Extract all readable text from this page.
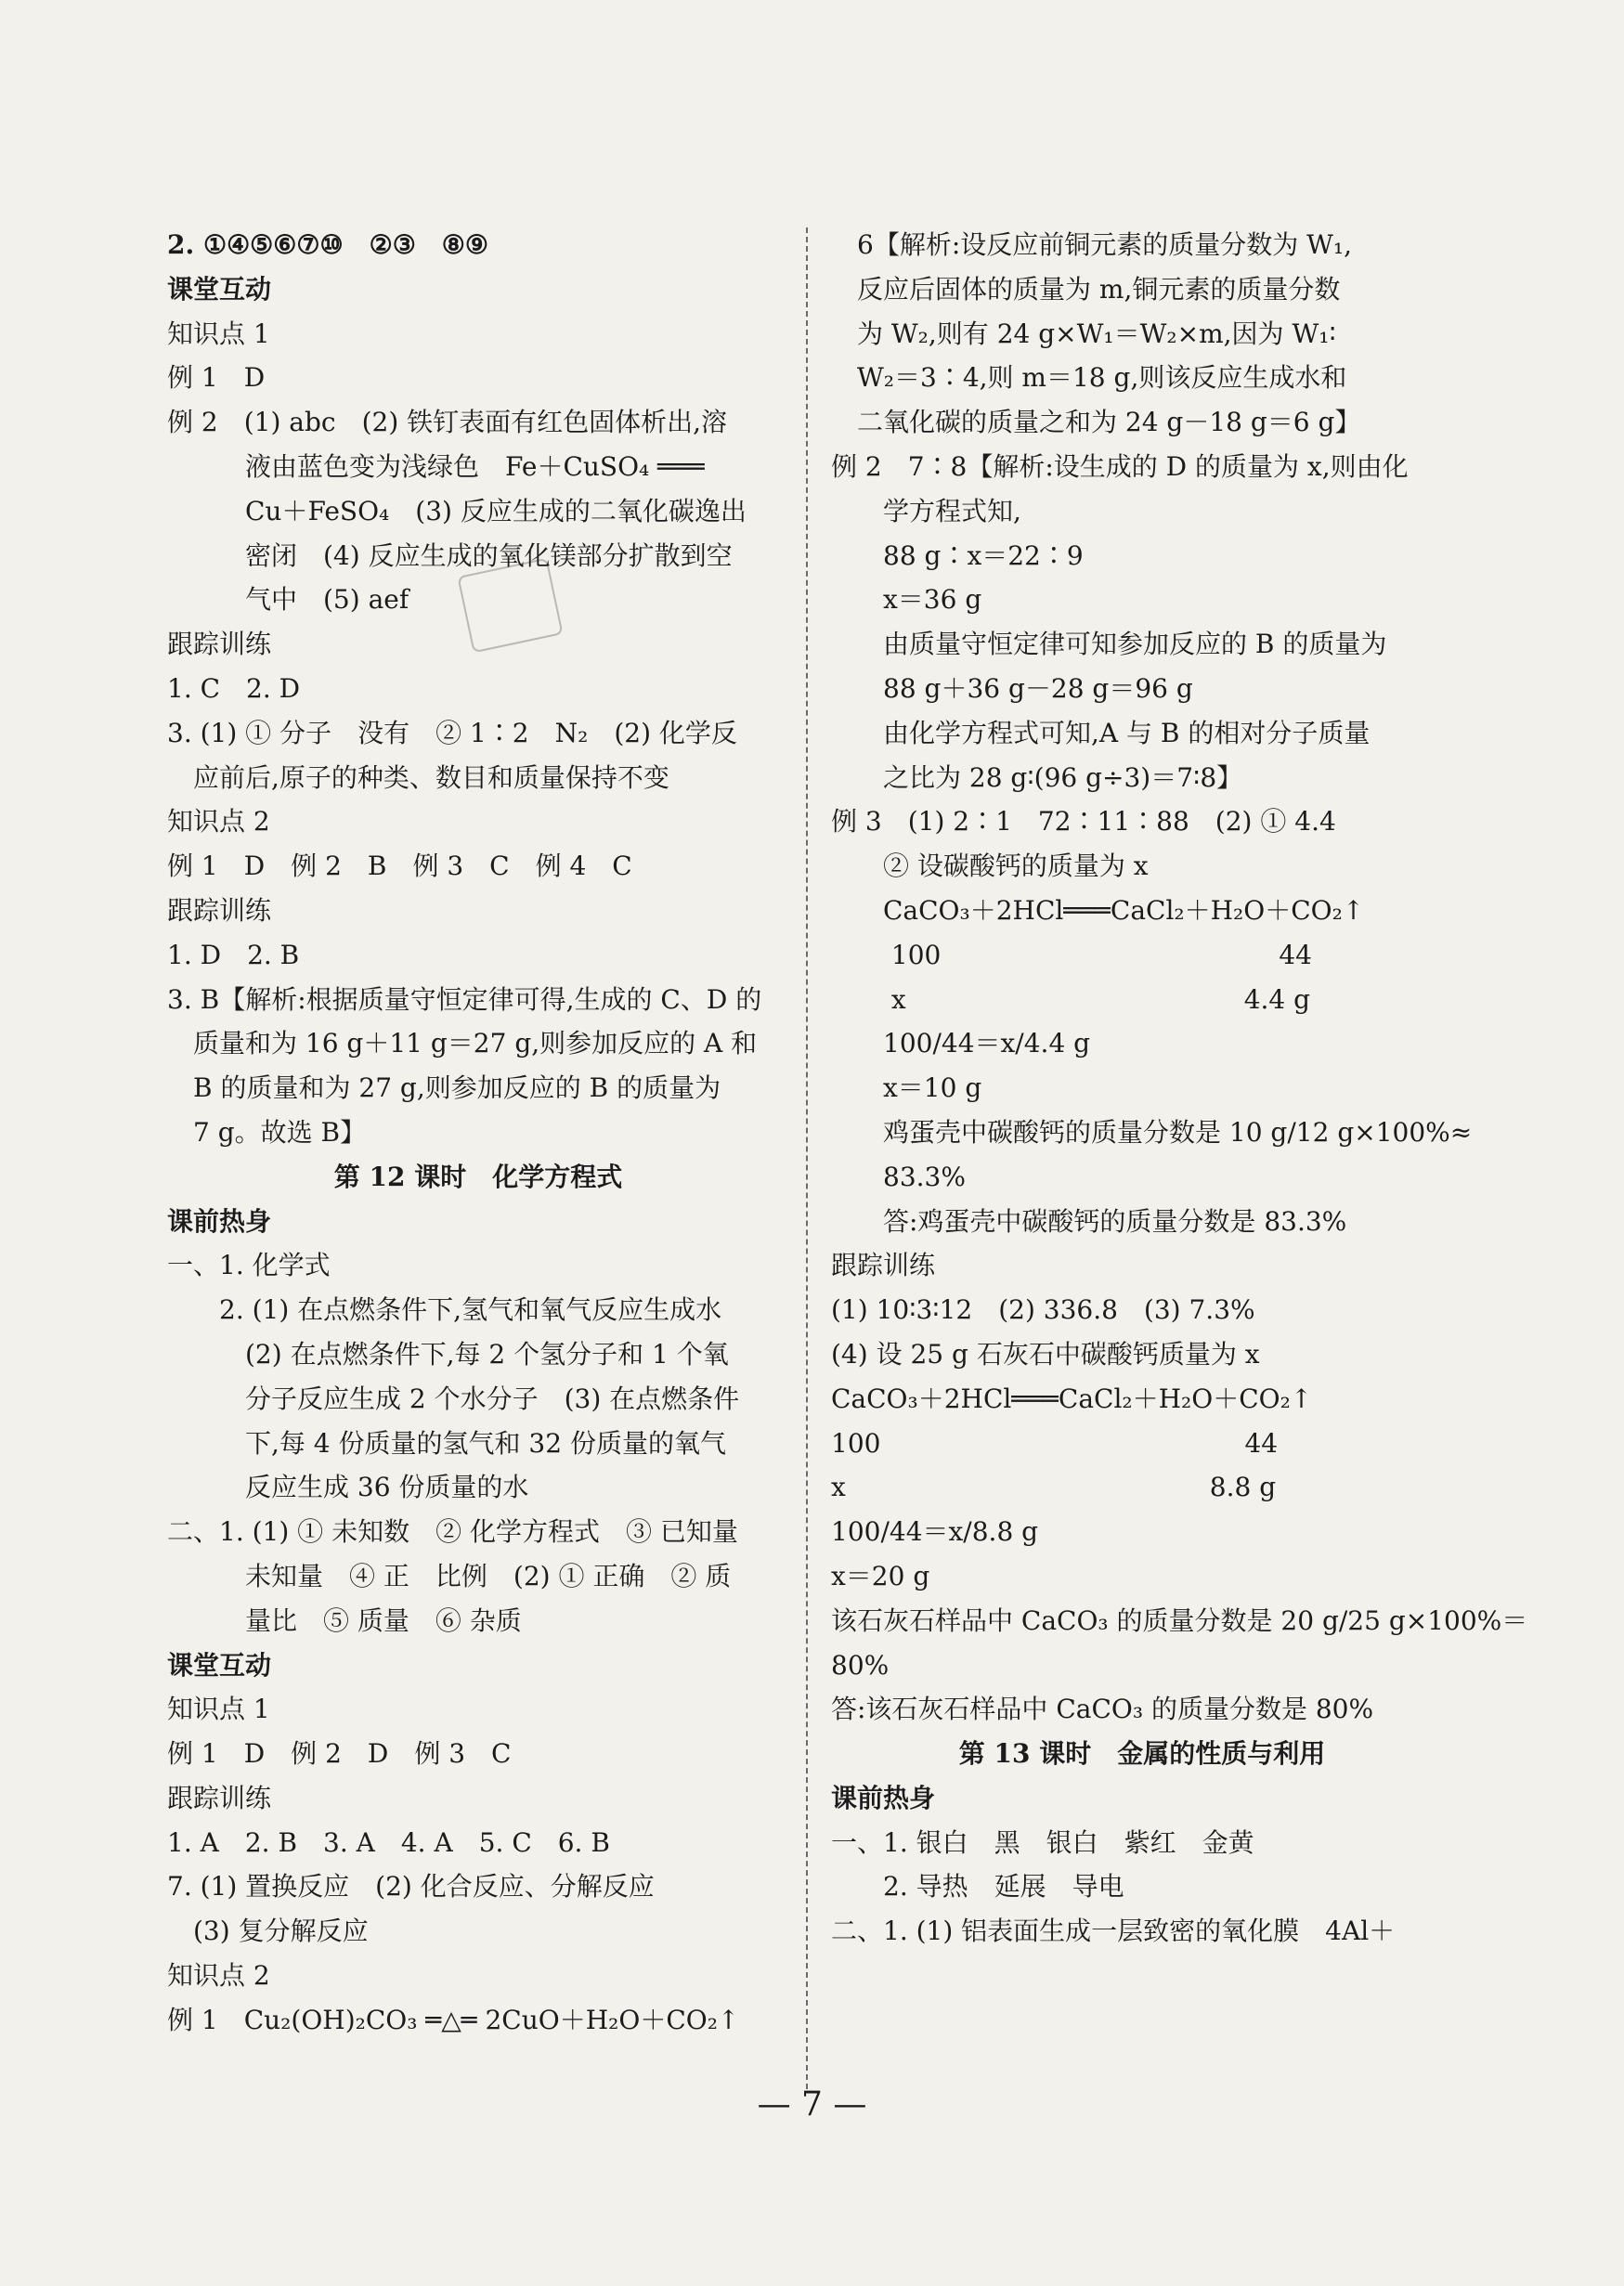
2. ①④⑤⑥⑦⑩　②③　⑧⑨
课堂互动
知识点 1
例 1　D
例 2　(1) abc　(2) 铁钉表面有红色固体析出,溶
　　　液由蓝色变为浅绿色　Fe＋CuSO₄ ═══
　　　Cu＋FeSO₄　(3) 反应生成的二氧化碳逸出
　　　密闭　(4) 反应生成的氧化镁部分扩散到空
　　　气中　(5) aef
跟踪训练
1. C　2. D
3. (1) ① 分子　没有　② 1∶2　N₂　(2) 化学反
　应前后,原子的种类、数目和质量保持不变
知识点 2
例 1　D　例 2　B　例 3　C　例 4　C
跟踪训练
1. D　2. B
3. B【解析:根据质量守恒定律可得,生成的 C、D 的
　质量和为 16 g＋11 g＝27 g,则参加反应的 A 和
　B 的质量和为 27 g,则参加反应的 B 的质量为
　7 g。故选 B】
第 12 课时　化学方程式
课前热身
一、1. 化学式
　　2. (1) 在点燃条件下,氢气和氧气反应生成水
　　　(2) 在点燃条件下,每 2 个氢分子和 1 个氧
　　　分子反应生成 2 个水分子　(3) 在点燃条件
　　　下,每 4 份质量的氢气和 32 份质量的氧气
　　　反应生成 36 份质量的水
二、1. (1) ① 未知数　② 化学方程式　③ 已知量
　　　未知量　④ 正　比例　(2) ① 正确　② 质
　　　量比　⑤ 质量　⑥ 杂质
课堂互动
知识点 1
例 1　D　例 2　D　例 3　C
跟踪训练
1. A　2. B　3. A　4. A　5. C　6. B
7. (1) 置换反应　(2) 化合反应、分解反应
　(3) 复分解反应
知识点 2
例 1　Cu₂(OH)₂CO₃ ═△═ 2CuO＋H₂O＋CO₂↑
　6【解析:设反应前铜元素的质量分数为 W₁,
　反应后固体的质量为 m,铜元素的质量分数
　为 W₂,则有 24 g×W₁＝W₂×m,因为 W₁∶
　W₂＝3∶4,则 m＝18 g,则该反应生成水和
　二氧化碳的质量之和为 24 g－18 g＝6 g】
例 2　7∶8【解析:设生成的 D 的质量为 x,则由化
　　学方程式知,
　　88 g∶x＝22∶9
　　x＝36 g
　　由质量守恒定律可知参加反应的 B 的质量为
　　88 g＋36 g－28 g＝96 g
　　由化学方程式可知,A 与 B 的相对分子质量
　　之比为 28 g∶(96 g÷3)＝7∶8】
例 3　(1) 2∶1　72∶11∶88　(2) ① 4.4
　　② 设碳酸钙的质量为 x
　　CaCO₃＋2HCl═══CaCl₂＋H₂O＋CO₂↑
　　 100　　　　　　　　　　　　　44
　　 x　　　　　　　　　　　　　4.4 g
　　100/44＝x/4.4 g
　　x＝10 g
　　鸡蛋壳中碳酸钙的质量分数是 10 g/12 g×100%≈
　　83.3%
　　答:鸡蛋壳中碳酸钙的质量分数是 83.3%
跟踪训练
(1) 10∶3∶12　(2) 336.8　(3) 7.3%
(4) 设 25 g 石灰石中碳酸钙质量为 x
CaCO₃＋2HCl═══CaCl₂＋H₂O＋CO₂↑
100　　　　　　　　　　　　　　44
x　　　　　　　　　　　　　　8.8 g
100/44＝x/8.8 g
x＝20 g
该石灰石样品中 CaCO₃ 的质量分数是 20 g/25 g×100%＝
80%
答:该石灰石样品中 CaCO₃ 的质量分数是 80%
第 13 课时　金属的性质与利用
课前热身
一、1. 银白　黑　银白　紫红　金黄
　　2. 导热　延展　导电
二、1. (1) 铝表面生成一层致密的氧化膜　4Al＋
— 7 —
